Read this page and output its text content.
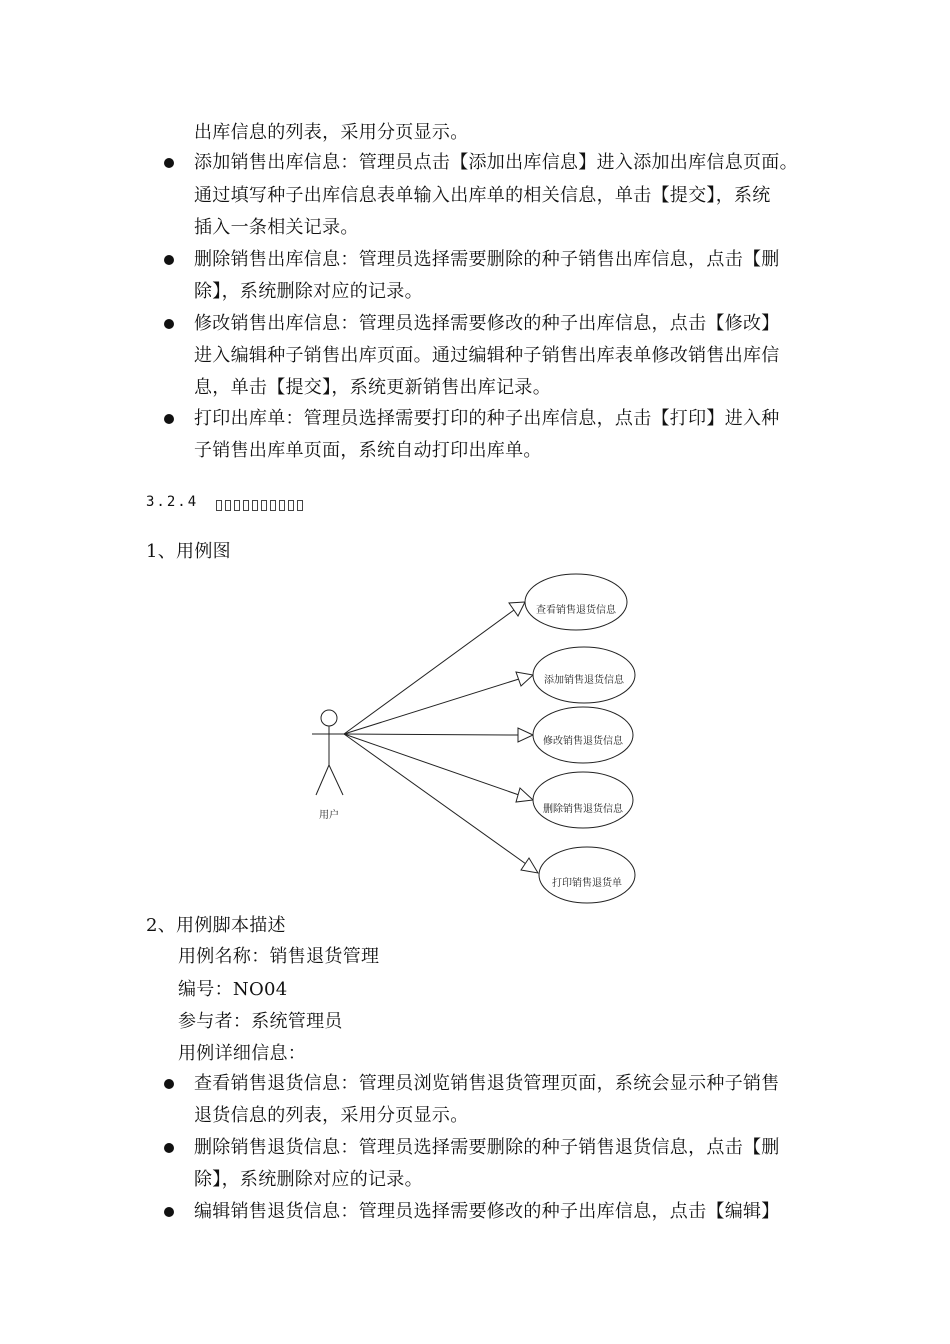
出库信息的列表，采用分页显示。
添加销售出库信息：管理员点击【添加出库信息】进入添加出库信息页面。
通过填写种子出库信息表单输入出库单的相关信息，单击【提交】，系统
插入一条相关记录。
删除销售出库信息：管理员选择需要删除的种子销售出库信息，点击【删
除】，系统删除对应的记录。
修改销售出库信息：管理员选择需要修改的种子出库信息，点击【修改】
进入编辑种子销售出库页面。通过编辑种子销售出库表单修改销售出库信
息，单击【提交】，系统更新销售出库记录。
打印出库单：管理员选择需要打印的种子出库信息，点击【打印】进入种
子销售出库单页面，系统自动打印出库单。
3.2.4
1、用例图
用户
查看销售退货信息
添加销售退货信息
修改销售退货信息
删除销售退货信息
打印销售退货单
2、用例脚本描述
用例名称：销售退货管理
编号：NO04
参与者：系统管理员
用例详细信息：
查看销售退货信息：管理员浏览销售退货管理页面，系统会显示种子销售
退货信息的列表，采用分页显示。
删除销售退货信息：管理员选择需要删除的种子销售退货信息，点击【删
除】，系统删除对应的记录。
编辑销售退货信息：管理员选择需要修改的种子出库信息，点击【编辑】
